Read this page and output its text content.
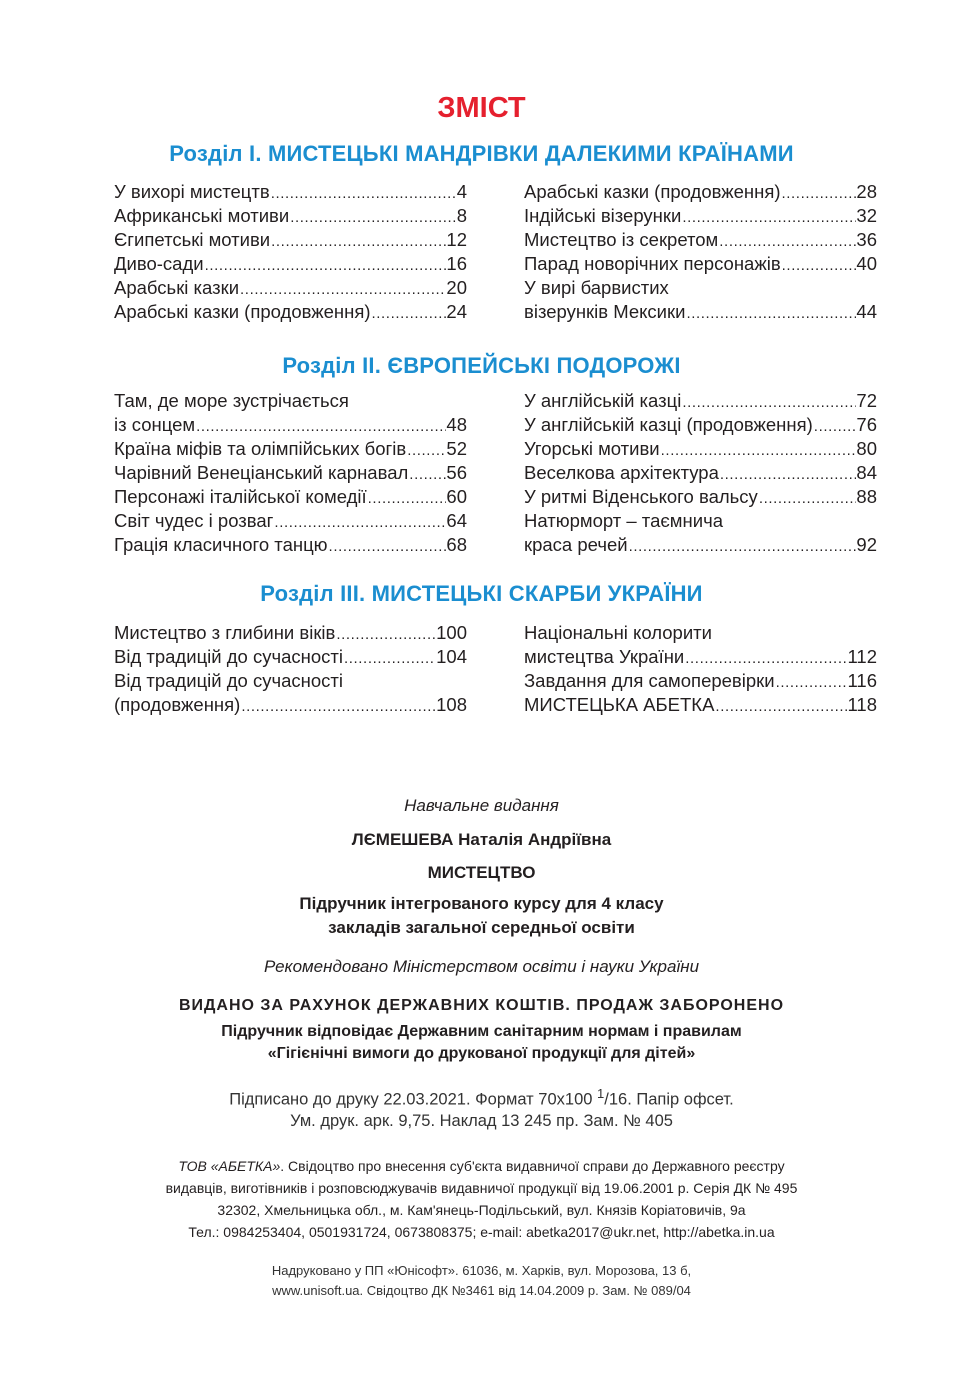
ЗМІСТ
Розділ І. МИСТЕЦЬКІ МАНДРІВКИ ДАЛЕКИМИ КРАЇНАМИ
У вихорі мистецтв .....	4
Африканські мотиви .....	8
Єгипетські мотиви .....	12
Диво-сади .....	16
Арабські казки .....	20
Арабські казки (продовження) .....	24
Арабські казки (продовження) .....	28
Індійські візерунки .....	32
Мистецтво із секретом .....	36
Парад новорічних персонажів .....	40
У вирі барвистих
візерунків Мексики .....	44
Розділ ІІ. ЄВРОПЕЙСЬКІ ПОДОРОЖІ
Там, де море зустрічається
із сонцем .....	48
Країна міфів та олімпійських богів ..... 52
Чарівний Венеціанський карнавал ..... 56
Персонажі італійської комедії .....	60
Світ чудес і розваг .....	64
Грація класичного танцю .....	68
У англійській казці .....	72
У англійській казці (продовження) ..... 76
Угорські мотиви .....	80
Веселкова архітектура .....	84
У ритмі Віденського вальсу .....	88
Натюрморт – таємнича
краса речей .....	92
Розділ ІІІ. МИСТЕЦЬКІ СКАРБИ УКРАЇНИ
Мистецтво з глибини віків .....	100
Від традицій до сучасності .....	104
Від традицій до сучасності
(продовження) .....	108
Національні колорити
мистецтва України .....	112
Завдання для самоперевірки .....	116
МИСТЕЦЬКА АБЕТКА .....	118
Навчальне видання
ЛЄМЕШЕВА Наталія Андріївна
МИСТЕЦТВО
Підручник інтегрованого курсу для 4 класу
закладів загальної середньої освіти
Рекомендовано Міністерством освіти і науки України
ВИДАНО ЗА РАХУНОК ДЕРЖАВНИХ КОШТІВ. ПРОДАЖ ЗАБОРОНЕНО
Підручник відповідає Державним санітарним нормам і правилам
«Гігієнічні вимоги до друкованої продукції для дітей»
Підписано до друку 22.03.2021. Формат 70х100 $^1$/16. Папір офсет.
Ум. друк. арк. 9,75. Наклад 13 245 пр. Зам. № 405
ТОВ «АБЕТКА». Свідоцтво про внесення суб'єкта видавничої справи до Державного реєстру
видавців, виготівників і розповсюджувачів видавничої продукції від 19.06.2001 р. Серія ДК № 495
32302, Хмельницька обл., м. Кам'янець-Подільський, вул. Князів Коріатовичів, 9а
Тел.: 0984253404, 0501931724, 0673808375; e-mail: abetka2017@ukr.net, http://abetka.in.ua
Надруковано у ПП «Юнісофт». 61036, м. Харків, вул. Морозова, 13 б,
www.unisoft.ua. Свідоцтво ДК №3461 від 14.04.2009 р. Зам. № 089/04
